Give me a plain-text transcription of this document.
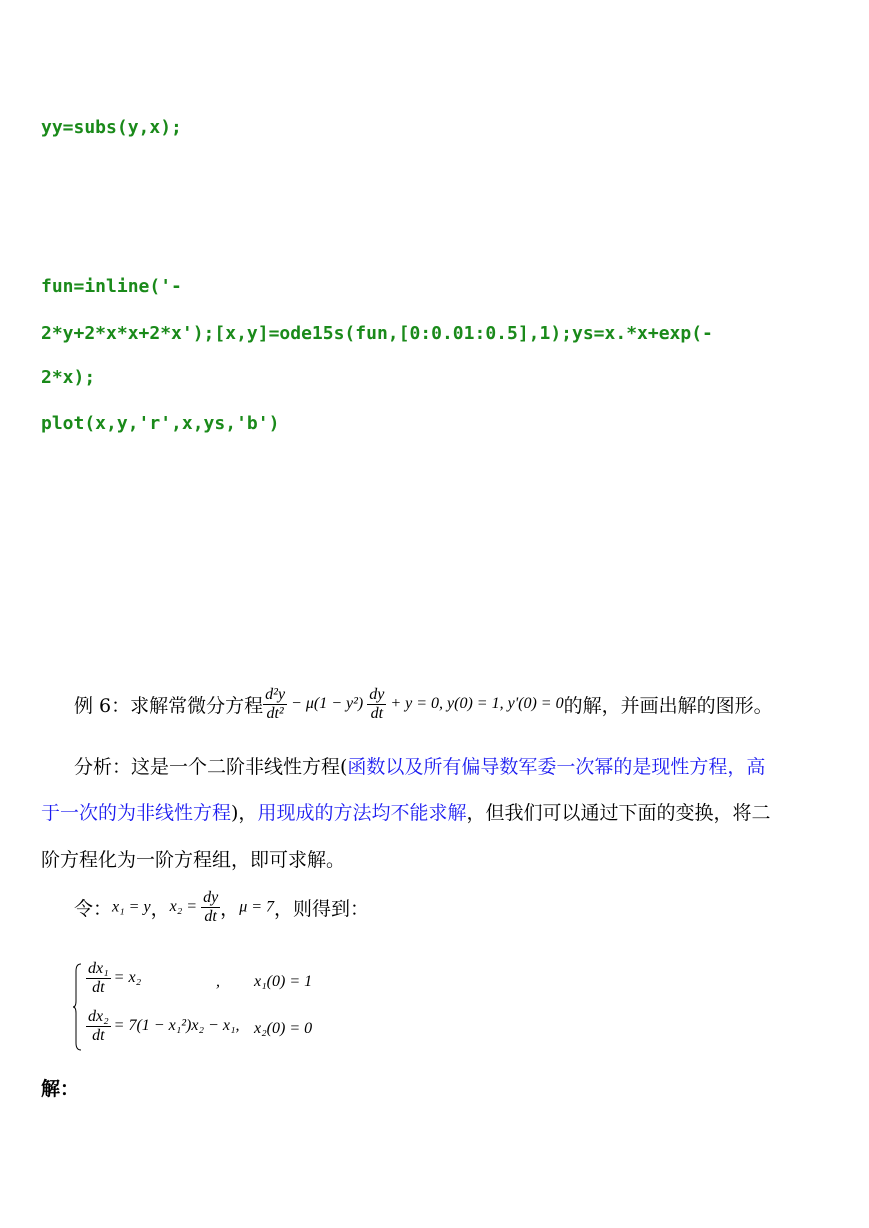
yy=subs(y,x);
fun=inline('-
2*y+2*x*x+2*x');[x,y]=ode15s(fun,[0:0.01:0.5],1);ys=x.*x+exp(-
2*x);
plot(x,y,'r',x,ys,'b')
例 6：求解常微分方程 $\frac{\text{d²y}}{\text{dt²}} - \mu(1 - y^2) \frac{dy}{dt} + y = 0$, y(0) = 1, y'(0) = 0的解，并画出解的图形。
分析：这是一个二阶非线性方程(函数以及所有偏导数军委一次幂的是现性方程，高
于一次的为非线性方程)，用现成的方法均不能求解，但我们可以通过下面的变换，将二
阶方程化为一阶方程组，即可求解。
令：x₁ = y，$x_2 = \frac{dy}{dt}$ ，μ = 7，则得到：
$\frac{\text{dx₁}}{dt} = x_2$	, x₁(0) = 1
$\frac{\text{dx₂}}{dt} = 7(1 - x_1^2)x_2 - x_1$, x₂(0) = 0
解：
